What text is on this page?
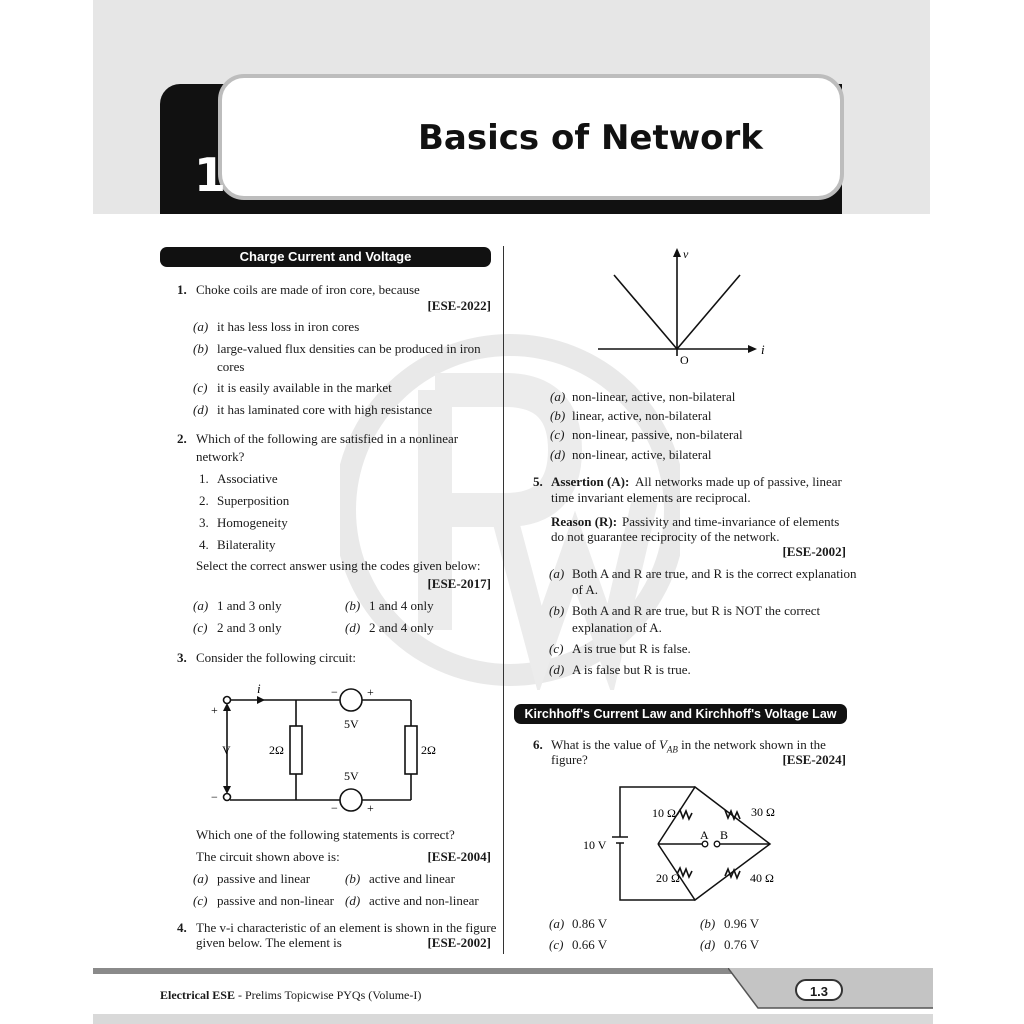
1
Basics of Network
Charge Current and Voltage
1. Choke coils are made of iron core, because
[ESE-2022]
(a) it has less loss in iron cores
(b) large-valued flux densities can be produced in iron
cores
(c) it is easily available in the market
(d) it has laminated core with high resistance
2. Which of the following are satisfied in a nonlinear
network?
1. Associative
2. Superposition
3. Homogeneity
4. Bilaterality
Select the correct answer using the codes given below:
[ESE-2017]
(a) 1 and 3 only	(b) 1 and 4 only
(c) 2 and 3 only	(d) 2 and 4 only
3. Consider the following circuit:
i	− +
5V
5V
− +
2Ω	2Ω
V
+
−
Which one of the following statements is correct?
The circuit shown above is:	[ESE-2004]
(a) passive and linear	(b) active and linear
(c) passive and non-linear (d) active and non-linear
4. The v-i characteristic of an element is shown in the figure
given below. The element is	[ESE-2002]
v
i
O
(a) non-linear, active, non-bilateral
(b) linear, active, non-bilateral
(c) non-linear, passive, non-bilateral
(d) non-linear, active, bilateral
5. Assertion (A): All networks made up of passive, linear
time invariant elements are reciprocal.
Reason (R): Passivity and time-invariance of elements
do not guarantee reciprocity of the network.
[ESE-2002]
(a) Both A and R are true, and R is the correct explanation
of A.
(b) Both A and R are true, but R is NOT the correct
explanation of A.
(c) A is true but R is false.
(d) A is false but R is true.
Kirchhoff's Current Law and Kirchhoff's Voltage Law
6. What is the value of $V_{AB}$ in the network shown in the
figure?	[ESE-2024]
10 V
10 Ω	30 Ω
20 Ω	40 Ω
A B
(a) 0.86 V	(b) 0.96 V
(c) 0.66 V	(d) 0.76 V
1.3
Electrical ESE - Prelims Topicwise PYQs (Volume-I)
